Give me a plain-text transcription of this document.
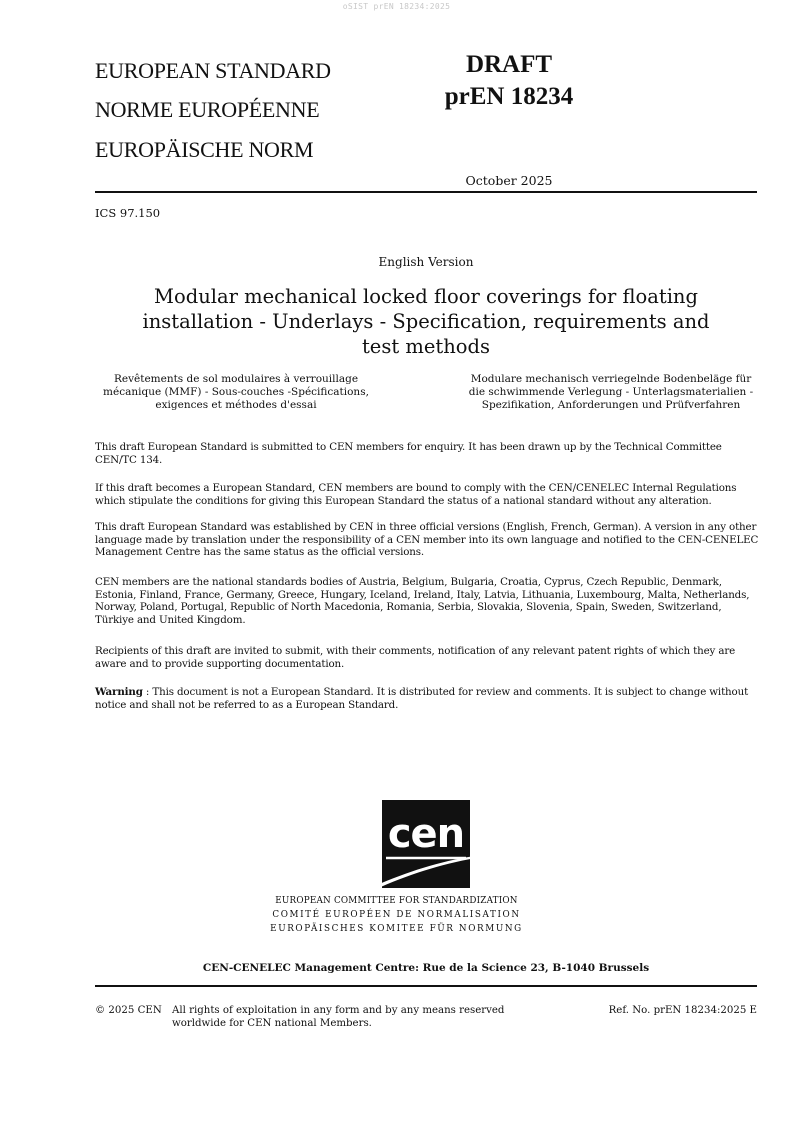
oSIST prEN 18234:2025
EUROPEAN STANDARD
NORME EUROPÉENNE
EUROPÄISCHE NORM
DRAFT
prEN 18234
October 2025
ICS 97.150
English Version
Modular mechanical locked floor coverings for floating installation - Underlays - Specification, requirements and test methods
Revêtements de sol modulaires à verrouillage mécanique (MMF) - Sous-couches -Spécifications, exigences et méthodes d'essai
Modulare mechanisch verriegelnde Bodenbeläge für die schwimmende Verlegung - Unterlagsmaterialien - Spezifikation, Anforderungen und Prüfverfahren
This draft European Standard is submitted to CEN members for enquiry. It has been drawn up by the Technical Committee CEN/TC 134.
If this draft becomes a European Standard, CEN members are bound to comply with the CEN/CENELEC Internal Regulations which stipulate the conditions for giving this European Standard the status of a national standard without any alteration.
This draft European Standard was established by CEN in three official versions (English, French, German). A version in any other language made by translation under the responsibility of a CEN member into its own language and notified to the CEN-CENELEC Management Centre has the same status as the official versions.
CEN members are the national standards bodies of Austria, Belgium, Bulgaria, Croatia, Cyprus, Czech Republic, Denmark, Estonia, Finland, France, Germany, Greece, Hungary, Iceland, Ireland, Italy, Latvia, Lithuania, Luxembourg, Malta, Netherlands, Norway, Poland, Portugal, Republic of North Macedonia, Romania, Serbia, Slovakia, Slovenia, Spain, Sweden, Switzerland, Türkiye and United Kingdom.
Recipients of this draft are invited to submit, with their comments, notification of any relevant patent rights of which they are aware and to provide supporting documentation.
Warning : This document is not a European Standard. It is distributed for review and comments. It is subject to change without notice and shall not be referred to as a European Standard.
cen
EUROPEAN COMMITTEE FOR STANDARDIZATION
COMITÉ EUROPÉEN DE NORMALISATION
EUROPÄISCHES KOMITEE FÜR NORMUNG
CEN-CENELEC Management Centre: Rue de la Science 23, B-1040 Brussels
© 2025 CEN All rights of exploitation in any form and by any means reserved
worldwide for CEN national Members.
Ref. No. prEN 18234:2025 E
